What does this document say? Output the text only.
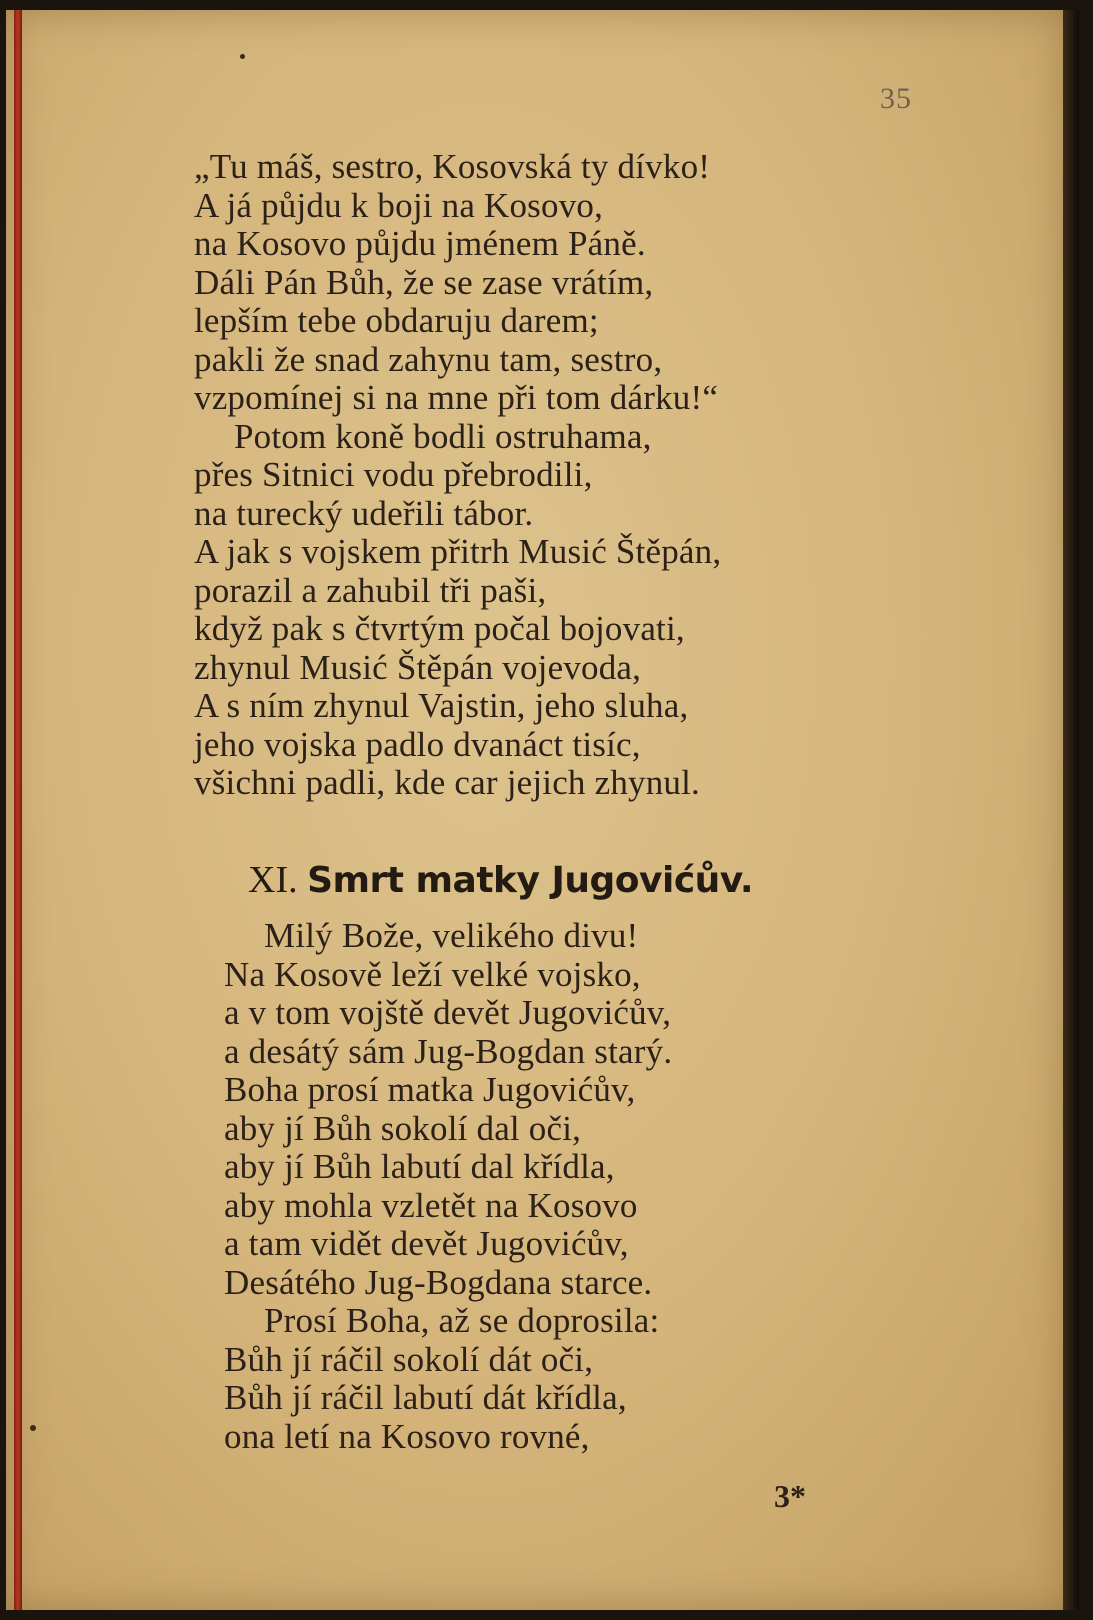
35
„Tu máš, sestro, Kosovská ty dívko!
A já půjdu k boji na Kosovo,
na Kosovo půjdu jménem Páně.
Dáli Pán Bůh, že se zase vrátím,
lepším tebe obdaruju darem;
pakli že snad zahynu tam, sestro,
vzpomínej si na mne při tom dárku!“
Potom koně bodli ostruhama,
přes Sitnici vodu přebrodili,
na turecký udeřili tábor.
A jak s vojskem přitrh Musić Štěpán,
porazil a zahubil tři paši,
když pak s čtvrtým počal bojovati,
zhynul Musić Štěpán vojevoda,
A s ním zhynul Vajstin, jeho sluha,
jeho vojska padlo dvanáct tisíc,
všichni padli, kde car jejich zhynul.
XI. Smrt matky Jugovićův.
Milý Bože, velikého divu!
Na Kosově leží velké vojsko,
a v tom vojště devět Jugovićův,
a desátý sám Jug-Bogdan starý.
Boha prosí matka Jugovićův,
aby jí Bůh sokolí dal oči,
aby jí Bůh labutí dal křídla,
aby mohla vzletět na Kosovo
a tam vidět devět Jugovićův,
Desátého Jug-Bogdana starce.
Prosí Boha, až se doprosila:
Bůh jí ráčil sokolí dát oči,
Bůh jí ráčil labutí dát křídla,
ona letí na Kosovo rovné,
3*
